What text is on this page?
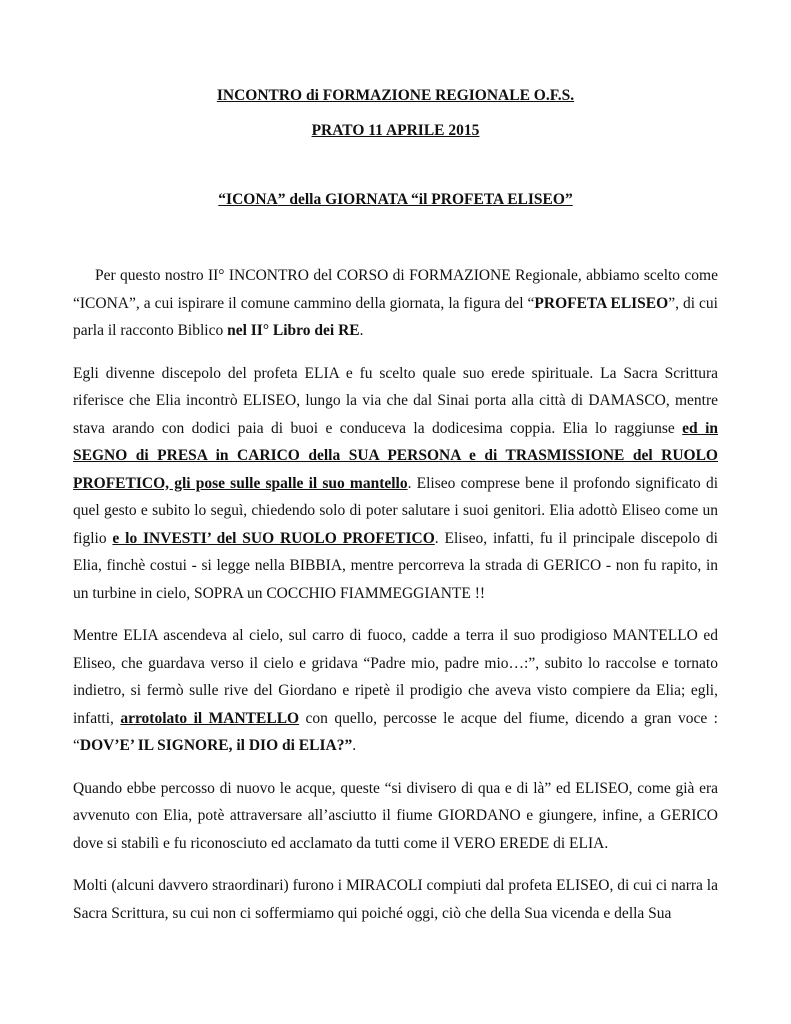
INCONTRO di FORMAZIONE REGIONALE O.F.S.
PRATO 11 APRILE 2015
“ICONA” della GIORNATA “il PROFETA ELISEO”

Per questo nostro II° INCONTRO del CORSO di FORMAZIONE Regionale, abbiamo scelto come “ICONA”, a cui ispirare il comune cammino della giornata, la figura del “PROFETA ELISEO”, di cui parla il racconto Biblico nel II° Libro dei RE.

Egli divenne discepolo del profeta ELIA e fu scelto quale suo erede spirituale. La Sacra Scrittura riferisce che Elia incontrò ELISEO, lungo la via che dal Sinai porta alla città di DAMASCO, mentre stava arando con dodici paia di buoi e conduceva la dodicesima coppia. Elia lo raggiunse ed in SEGNO di PRESA in CARICO della SUA PERSONA e di TRASMISSIONE del RUOLO PROFETICO, gli pose sulle spalle il suo mantello. Eliseo comprese bene il profondo significato di quel gesto e subito lo seguì, chiedendo solo di poter salutare i suoi genitori. Elia adottò Eliseo come un figlio e lo INVESTI’ del SUO RUOLO PROFETICO. Eliseo, infatti, fu il principale discepolo di Elia, finchè costui - si legge nella BIBBIA, mentre percorreva la strada di GERICO - non fu rapito, in un turbine in cielo, SOPRA un COCCHIO FIAMMEGGIANTE !!

Mentre ELIA ascendeva al cielo, sul carro di fuoco, cadde a terra il suo prodigioso MANTELLO ed Eliseo, che guardava verso il cielo e gridava “Padre mio, padre mio…:”, subito lo raccolse e tornato indietro, si fermò sulle rive del Giordano e ripetè il prodigio che aveva visto compiere da Elia; egli, infatti, arrotolato il MANTELLO con quello, percosse le acque del fiume, dicendo a gran voce : “DOV’E’ IL SIGNORE, il DIO di ELIA?”.

Quando ebbe percosso di nuovo le acque, queste “si divisero di qua e di là” ed ELISEO, come già era avvenuto con Elia, potè attraversare all’asciutto il fiume GIORDANO e giungere, infine, a GERICO dove si stabilì e fu riconosciuto ed acclamato da tutti come il VERO EREDE di ELIA.

Molti (alcuni davvero straordinari) furono i MIRACOLI compiuti dal profeta ELISEO, di cui ci narra la Sacra Scrittura, su cui non ci soffermiamo qui poiché oggi, ciò che della Sua vicenda e della Sua
